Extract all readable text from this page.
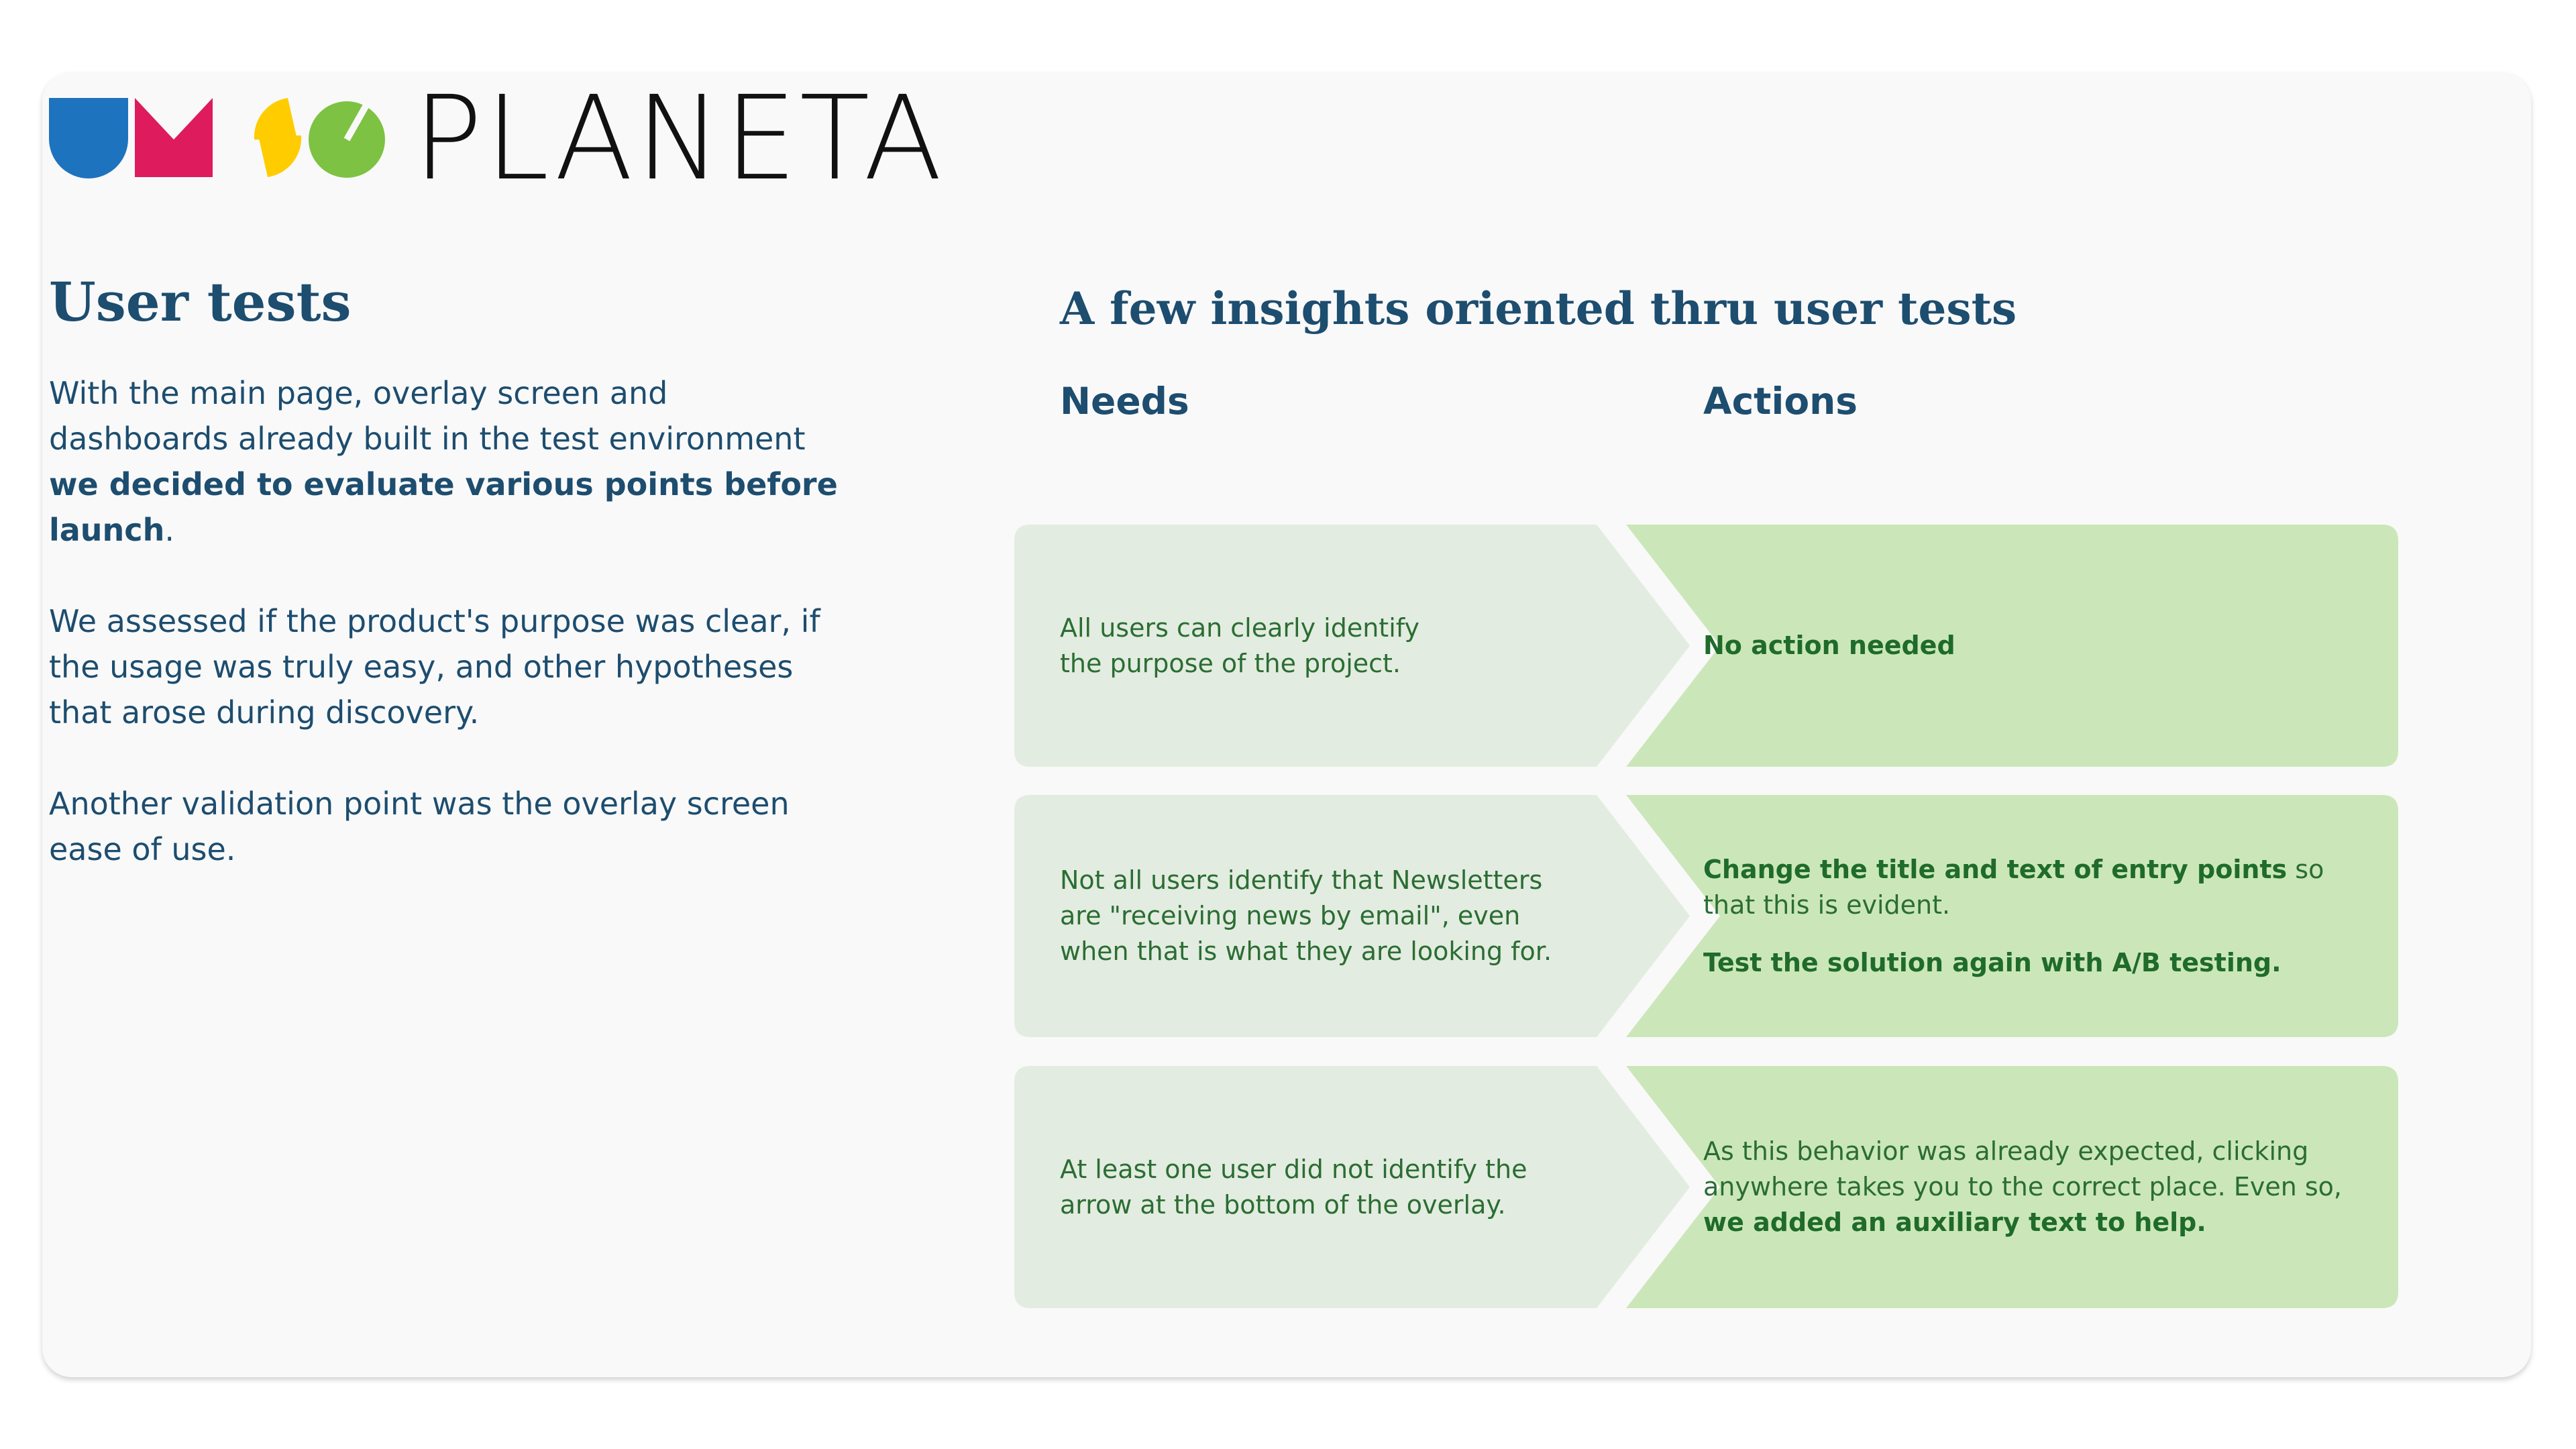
PLANETA
User tests

With the main page, overlay screen and dashboards already built in the test environment we decided to evaluate various points before launch.

We assessed if the product's purpose was clear, if the usage was truly easy, and other hypotheses that arose during discovery.

Another validation point was the overlay screen ease of use.

A few insights oriented thru user tests
Needs	Actions
All users can clearly identify
the purpose of the project.

No action needed

Not all users identify that Newsletters are "receiving news by email", even when that is what they are looking for.

Change the title and text of entry points so that this is evident.

Test the solution again with A/B testing.

At least one user did not identify the arrow at the bottom of the overlay.

As this behavior was already expected, clicking anywhere takes you to the correct place. Even so, we added an auxiliary text to help.
